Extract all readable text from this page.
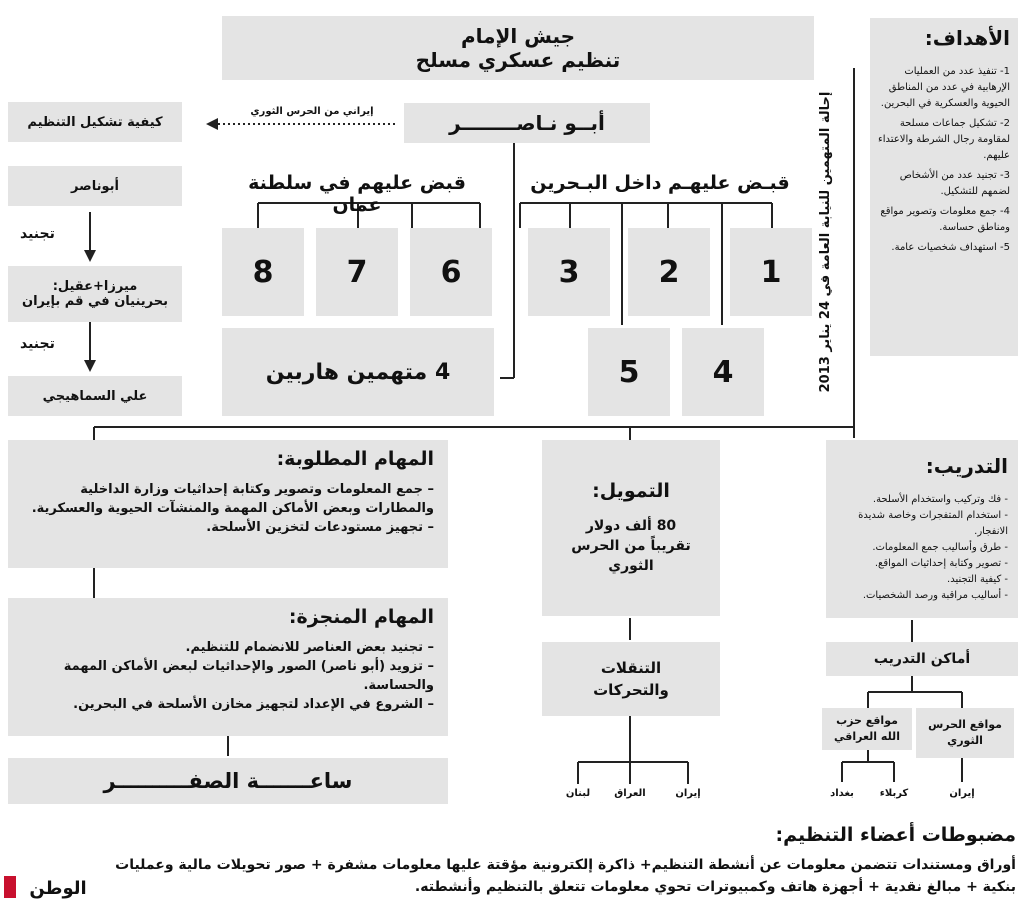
جيش الإمام
تنظيم عسكري مسلح
أبــو نـاصــــــــر
إيراني من الحرس الثوري
قبـض عليهـم داخل البـحرين
قبض عليهم في سلطنة عمان
1
2
3
4
5
6
7
8
4 متهمين هاربين	إحالة المتهمين للنيابة العامة في 24 يناير 2013
كيفية تشكيل التنظيم
أبوناصر
تجنيد
ميرزا+عقيل:
بحرينيان في قم بإيران
تجنيد
علي السماهيجي
الأهداف:
1- تنفيذ عدد من العمليات الإرهابية في عدد من المناطق الحيوية والعسكرية في البحرين.
2- تشكيل جماعات مسلحة لمقاومة رجال الشرطة والاعتداء عليهم.
3- تجنيد عدد من الأشخاص لضمهم للتشكيل.
4- جمع معلومات وتصوير مواقع ومناطق حساسة.
5- استهداف شخصيات عامة.
المهام المطلوبة:
– جمع المعلومات وتصوير وكتابة إحداثيات وزارة الداخلية والمطارات وبعض الأماكن المهمة والمنشآت الحيوية والعسكرية.
– تجهيز مستودعات لتخزين الأسلحة.
المهام المنجزة:
– تجنيد بعض العناصر للانضمام للتنظيم.
– تزويد (أبو ناصر) الصور والإحداثيات لبعض الأماكن المهمة والحساسة.
– الشروع في الإعداد لتجهيز مخازن الأسلحة في البحرين.
ساعـــــــة الصفــــــــــر
التمويل:
80 ألف دولار تقريباً من الحرس الثوري
التنقلات والتحركات
إيران
العراق
لبنان
التدريب:
- فك وتركيب واستخدام الأسلحة.
- استخدام المتفجرات وخاصة شديدة الانفجار.
- طرق وأساليب جمع المعلومات.
- تصوير وكتابة إحداثيات المواقع.
- كيفية التجنيد.
- أساليب مراقبة ورصد الشخصيات.
أماكن التدريب
مواقع الحرس الثوري
مواقع حزب الله العراقي
إيران
كربلاء
بغداد
مضبوطات أعضاء التنظيم:
أوراق ومستندات تتضمن معلومات عن أنشطة التنظيم+ ذاكرة إلكترونية مؤقتة عليها معلومات مشفرة + صور تحويلات مالية وعمليات بنكية + مبالغ نقدية + أجهزة هاتف وكمبيوترات تحوي معلومات تتعلق بالتنظيم وأنشطته.
الوطن
